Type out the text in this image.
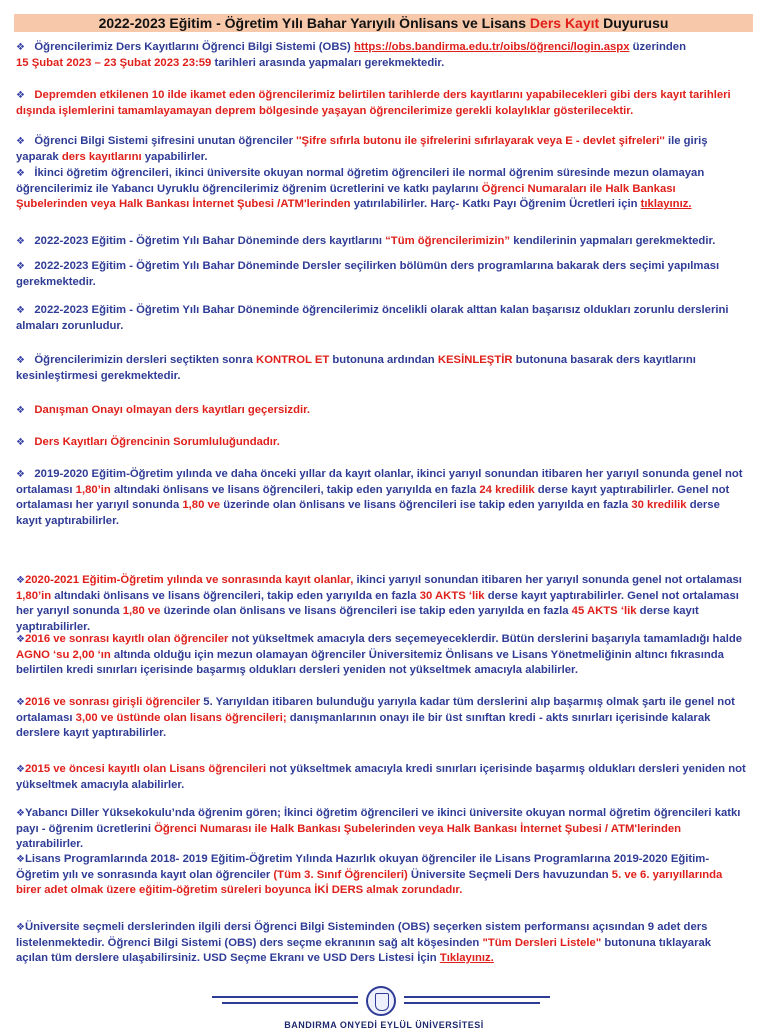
2022-2023 Eğitim - Öğretim Yılı Bahar Yarıyılı Önlisans ve Lisans Ders Kayıt Duyurusu

❖ Öğrencilerimiz Ders Kayıtlarını Öğrenci Bilgi Sistemi (OBS) https://obs.bandirma.edu.tr/oibs/öğrenci/login.aspx üzerinden
15 Şubat 2023 – 23 Şubat 2023 23:59 tarihleri arasında yapmaları gerekmektedir.

❖ Depremden etkilenen 10 ilde ikamet eden öğrencilerimiz belirtilen tarihlerde ders kayıtlarını yapabilecekleri gibi ders kayıt tarihleri dışında işlemlerini tamamlayamayan deprem bölgesinde yaşayan öğrencilerimize gerekli kolaylıklar gösterilecektir.

❖ Öğrenci Bilgi Sistemi şifresini unutan öğrenciler ''Şifre sıfırla butonu ile şifrelerini sıfırlayarak veya E - devlet şifreleri'' ile giriş yaparak ders kayıtlarını yapabilirler.

❖ İkinci öğretim öğrencileri, ikinci üniversite okuyan normal öğretim öğrencileri ile normal öğrenim süresinde mezun olamayan öğrencilerimiz ile Yabancı Uyruklu öğrencilerimiz öğrenim ücretlerini ve katkı paylarını Öğrenci Numaraları ile Halk Bankası Şubelerinden veya Halk Bankası İnternet Şubesi /ATM'lerinden yatırılabilirler. Harç- Katkı Payı Öğrenim Ücretleri için tıklayınız.

❖ 2022-2023 Eğitim - Öğretim Yılı Bahar Döneminde ders kayıtlarını “Tüm öğrencilerimizin” kendilerinin yapmaları gerekmektedir.

❖ 2022-2023 Eğitim - Öğretim Yılı Bahar Döneminde Dersler seçilirken bölümün ders programlarına bakarak ders seçimi yapılması gerekmektedir.

❖ 2022-2023 Eğitim - Öğretim Yılı Bahar Döneminde öğrencilerimiz öncelikli olarak alttan kalan başarısız oldukları zorunlu derslerini almaları zorunludur.

❖ Öğrencilerimizin dersleri seçtikten sonra KONTROL ET butonuna ardından KESİNLEŞTİR butonuna basarak ders kayıtlarını kesinleştirmesi gerekmektedir.

❖ Danışman Onayı olmayan ders kayıtları geçersizdir.

❖ Ders Kayıtları Öğrencinin Sorumluluğundadır.

❖ 2019-2020 Eğitim-Öğretim yılında ve daha önceki yıllar da kayıt olanlar, ikinci yarıyıl sonundan itibaren her yarıyıl sonunda genel not ortalaması 1,80’in altındaki önlisans ve lisans öğrencileri, takip eden yarıyılda en fazla 24 kredilik derse kayıt yaptırabilirler. Genel not ortalaması her yarıyıl sonunda 1,80 ve üzerinde olan önlisans ve lisans öğrencileri ise takip eden yarıyılda en fazla 30 kredilik derse kayıt yaptırabilirler.

❖2020-2021 Eğitim-Öğretim yılında ve sonrasında kayıt olanlar, ikinci yarıyıl sonundan itibaren her yarıyıl sonunda genel not ortalaması 1,80’in altındaki önlisans ve lisans öğrencileri, takip eden yarıyılda en fazla 30 AKTS ‘lik derse kayıt yaptırabilirler. Genel not ortalaması her yarıyıl sonunda 1,80 ve üzerinde olan önlisans ve lisans öğrencileri ise takip eden yarıyılda en fazla 45 AKTS ‘lik derse kayıt yaptırabilirler.

❖2016 ve sonrası kayıtlı olan öğrenciler not yükseltmek amacıyla ders seçemeyeceklerdir. Bütün derslerini başarıyla tamamladığı halde AGNO ‘su 2,00 ‘ın altında olduğu için mezun olamayan öğrenciler Üniversitemiz Önlisans ve Lisans Yönetmeliğinin altıncı fıkrasında belirtilen kredi sınırları içerisinde başarmış oldukları dersleri yeniden not yükseltmek amacıyla alabilirler.

❖2016 ve sonrası girişli öğrenciler 5. Yarıyıldan itibaren bulunduğu yarıyıla kadar tüm derslerini alıp başarmış olmak şartı ile genel not ortalaması 3,00 ve üstünde olan lisans öğrencileri; danışmanlarının onayı ile bir üst sınıftan kredi - akts sınırları içerisinde kalarak derslere kayıt yaptırabilirler.

❖2015 ve öncesi kayıtlı olan Lisans öğrencileri not yükseltmek amacıyla kredi sınırları içerisinde başarmış oldukları dersleri yeniden not yükseltmek amacıyla alabilirler.

❖Yabancı Diller Yüksekokulu’nda öğrenim gören; İkinci öğretim öğrencileri ve ikinci üniversite okuyan normal öğretim öğrencileri katkı payı - öğrenim ücretlerini Öğrenci Numarası ile Halk Bankası Şubelerinden veya Halk Bankası İnternet Şubesi / ATM'lerinden yatırabilirler.

❖Lisans Programlarında 2018- 2019 Eğitim-Öğretim Yılında Hazırlık okuyan öğrenciler ile Lisans Programlarına 2019-2020 Eğitim-Öğretim yılı ve sonrasında kayıt olan öğrenciler (Tüm 3. Sınıf Öğrencileri) Üniversite Seçmeli Ders havuzundan 5. ve 6. yarıyıllarında birer adet olmak üzere eğitim-öğretim süreleri boyunca İKİ DERS almak zorundadır.

❖Üniversite seçmeli derslerinden ilgili dersi Öğrenci Bilgi Sisteminden (OBS) seçerken sistem performansı açısından 9 adet ders listelenmektedir. Öğrenci Bilgi Sistemi (OBS) ders seçme ekranının sağ alt köşesinden "Tüm Dersleri Listele" butonuna tıklayarak açılan tüm derslere ulaşabilirsiniz. USD Seçme Ekranı ve USD Ders Listesi İçin Tıklayınız.

BANDIRMA ONYEDİ EYLÜL ÜNİVERSİTESİ
